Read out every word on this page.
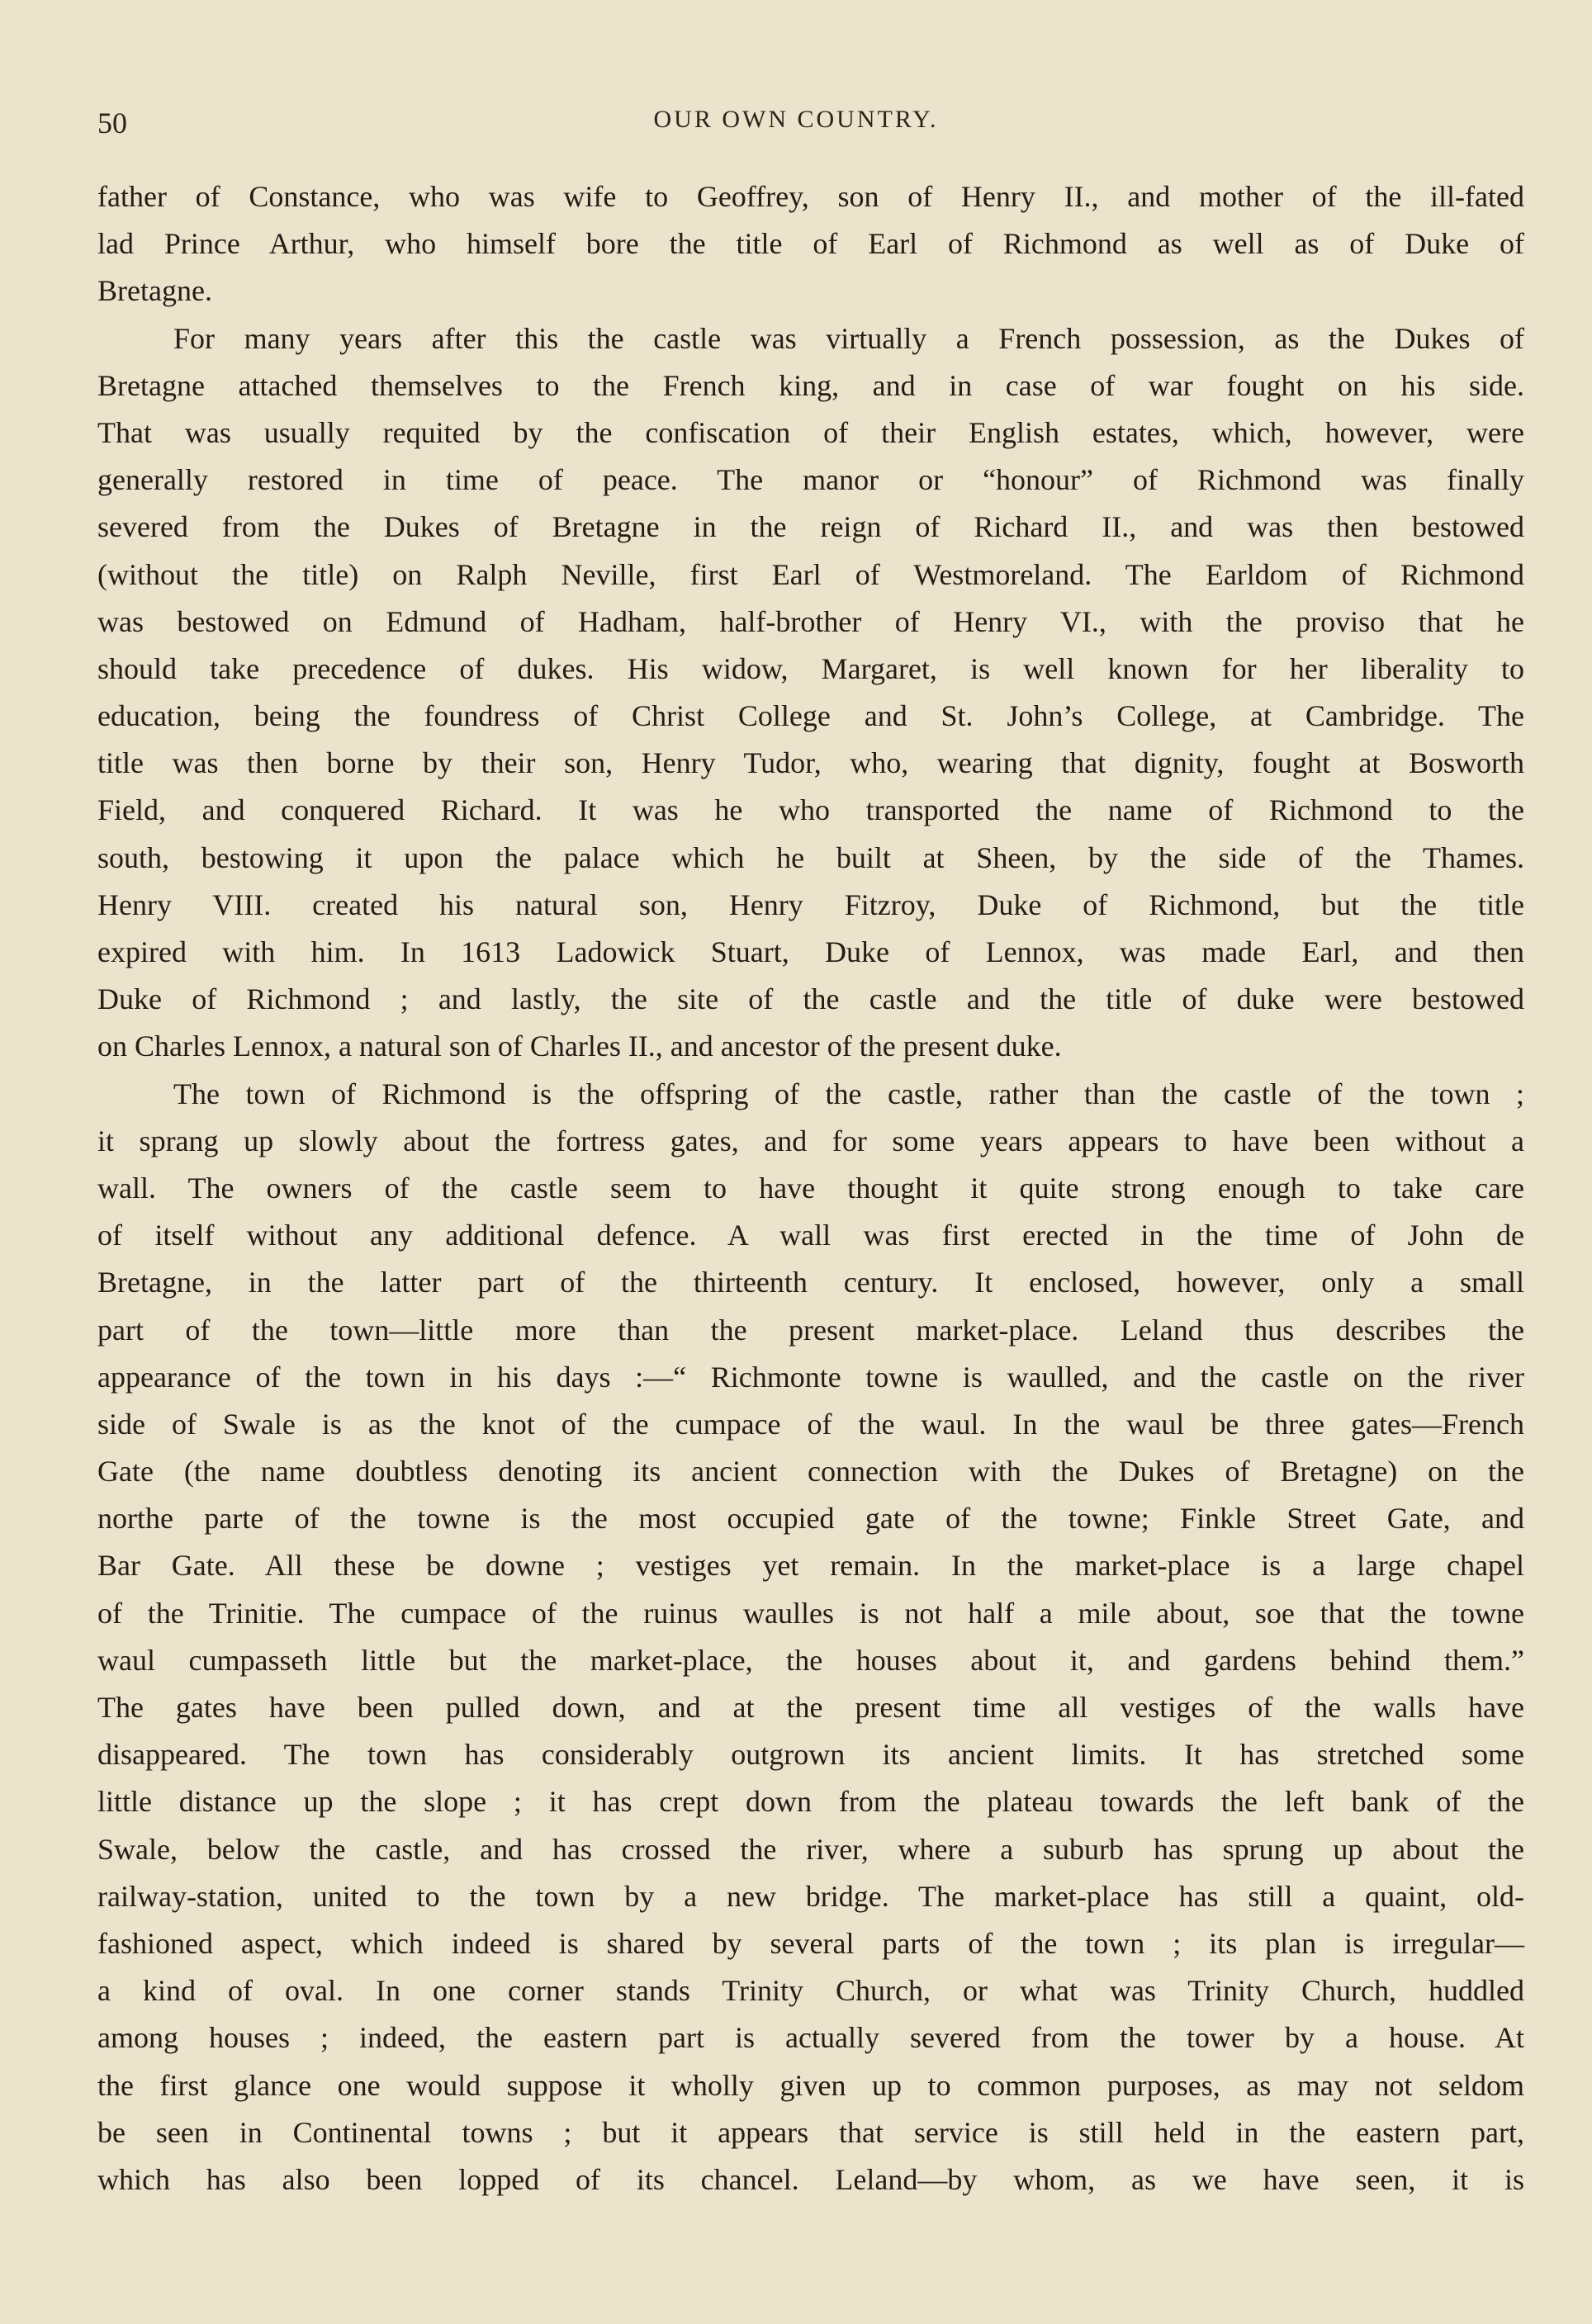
50	OUR OWN COUNTRY.
father of Constance, who was wife to Geoffrey, son of Henry II., and mother of the ill-fated
lad Prince Arthur, who himself bore the title of Earl of Richmond as well as of Duke of
Bretagne.
For many years after this the castle was virtually a French possession, as the Dukes of
Bretagne attached themselves to the French king, and in case of war fought on his side.
That was usually requited by the confiscation of their English estates, which, however, were
generally restored in time of peace. The manor or “honour” of Richmond was finally
severed from the Dukes of Bretagne in the reign of Richard II., and was then bestowed
(without the title) on Ralph Neville, first Earl of Westmoreland. The Earldom of Richmond
was bestowed on Edmund of Hadham, half-brother of Henry VI., with the proviso that he
should take precedence of dukes. His widow, Margaret, is well known for her liberality to
education, being the foundress of Christ College and St. John’s College, at Cambridge. The
title was then borne by their son, Henry Tudor, who, wearing that dignity, fought at Bosworth
Field, and conquered Richard. It was he who transported the name of Richmond to the
south, bestowing it upon the palace which he built at Sheen, by the side of the Thames.
Henry VIII. created his natural son, Henry Fitzroy, Duke of Richmond, but the title
expired with him. In 1613 Ladowick Stuart, Duke of Lennox, was made Earl, and then
Duke of Richmond ; and lastly, the site of the castle and the title of duke were bestowed
on Charles Lennox, a natural son of Charles II., and ancestor of the present duke.
The town of Richmond is the offspring of the castle, rather than the castle of the town ;
it sprang up slowly about the fortress gates, and for some years appears to have been without a
wall. The owners of the castle seem to have thought it quite strong enough to take care
of itself without any additional defence. A wall was first erected in the time of John de
Bretagne, in the latter part of the thirteenth century. It enclosed, however, only a small
part of the town—little more than the present market-place. Leland thus describes the
appearance of the town in his days :—“ Richmonte towne is waulled, and the castle on the river
side of Swale is as the knot of the cumpace of the waul. In the waul be three gates—French
Gate (the name doubtless denoting its ancient connection with the Dukes of Bretagne) on the
northe parte of the towne is the most occupied gate of the towne; Finkle Street Gate, and
Bar Gate. All these be downe ; vestiges yet remain. In the market-place is a large chapel
of the Trinitie. The cumpace of the ruinus waulles is not half a mile about, soe that the towne
waul cumpasseth little but the market-place, the houses about it, and gardens behind them.”
The gates have been pulled down, and at the present time all vestiges of the walls have
disappeared. The town has considerably outgrown its ancient limits. It has stretched some
little distance up the slope ; it has crept down from the plateau towards the left bank of the
Swale, below the castle, and has crossed the river, where a suburb has sprung up about the
railway-station, united to the town by a new bridge. The market-place has still a quaint, old-
fashioned aspect, which indeed is shared by several parts of the town ; its plan is irregular—
a kind of oval. In one corner stands Trinity Church, or what was Trinity Church, huddled
among houses ; indeed, the eastern part is actually severed from the tower by a house. At
the first glance one would suppose it wholly given up to common purposes, as may not seldom
be seen in Continental towns ; but it appears that service is still held in the eastern part,
which has also been lopped of its chancel. Leland—by whom, as we have seen, it is
